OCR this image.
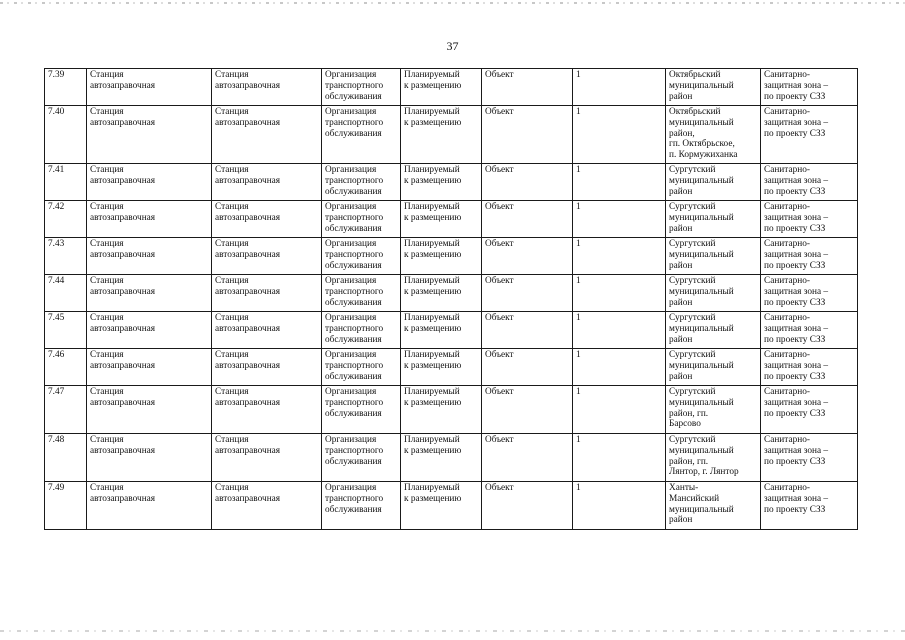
37
7.39	Станция
автозаправочная	Станция
автозаправочная	Организация
транспортного
обслуживания	Планируемый
к размещению	Объект	1	Октябрьский
муниципальный
район	Санитарно-
защитная зона –
по проекту СЗЗ

7.40	Станция
автозаправочная	Станция
автозаправочная	Организация
транспортного
обслуживания	Планируемый
к размещению	Объект	1	Октябрьский
муниципальный
район,
гп. Октябрьское,
п. Кормужиханка	Санитарно-
защитная зона –
по проекту СЗЗ

7.41	Станция
автозаправочная	Станция
автозаправочная	Организация
транспортного
обслуживания	Планируемый
к размещению	Объект	1	Сургутский
муниципальный
район	Санитарно-
защитная зона –
по проекту СЗЗ

7.42	Станция
автозаправочная	Станция
автозаправочная	Организация
транспортного
обслуживания	Планируемый
к размещению	Объект	1	Сургутский
муниципальный
район	Санитарно-
защитная зона –
по проекту СЗЗ

7.43	Станция
автозаправочная	Станция
автозаправочная	Организация
транспортного
обслуживания	Планируемый
к размещению	Объект	1	Сургутский
муниципальный
район	Санитарно-
защитная зона –
по проекту СЗЗ

7.44	Станция
автозаправочная	Станция
автозаправочная	Организация
транспортного
обслуживания	Планируемый
к размещению	Объект	1	Сургутский
муниципальный
район	Санитарно-
защитная зона –
по проекту СЗЗ

7.45	Станция
автозаправочная	Станция
автозаправочная	Организация
транспортного
обслуживания	Планируемый
к размещению	Объект	1	Сургутский
муниципальный
район	Санитарно-
защитная зона –
по проекту СЗЗ

7.46	Станция
автозаправочная	Станция
автозаправочная	Организация
транспортного
обслуживания	Планируемый
к размещению	Объект	1	Сургутский
муниципальный
район	Санитарно-
защитная зона –
по проекту СЗЗ

7.47	Станция
автозаправочная	Станция
автозаправочная	Организация
транспортного
обслуживания	Планируемый
к размещению	Объект	1	Сургутский
муниципальный
район, гп.
Барсово	Санитарно-
защитная зона –
по проекту СЗЗ

7.48	Станция
автозаправочная	Станция
автозаправочная	Организация
транспортного
обслуживания	Планируемый
к размещению	Объект	1	Сургутский
муниципальный
район, гп.
Лянтор, г. Лянтор	Санитарно-
защитная зона –
по проекту СЗЗ

7.49	Станция
автозаправочная	Станция
автозаправочная	Организация
транспортного
обслуживания	Планируемый
к размещению	Объект	1	Ханты-
Мансийский
муниципальный
район	Санитарно-
защитная зона –
по проекту СЗЗ
